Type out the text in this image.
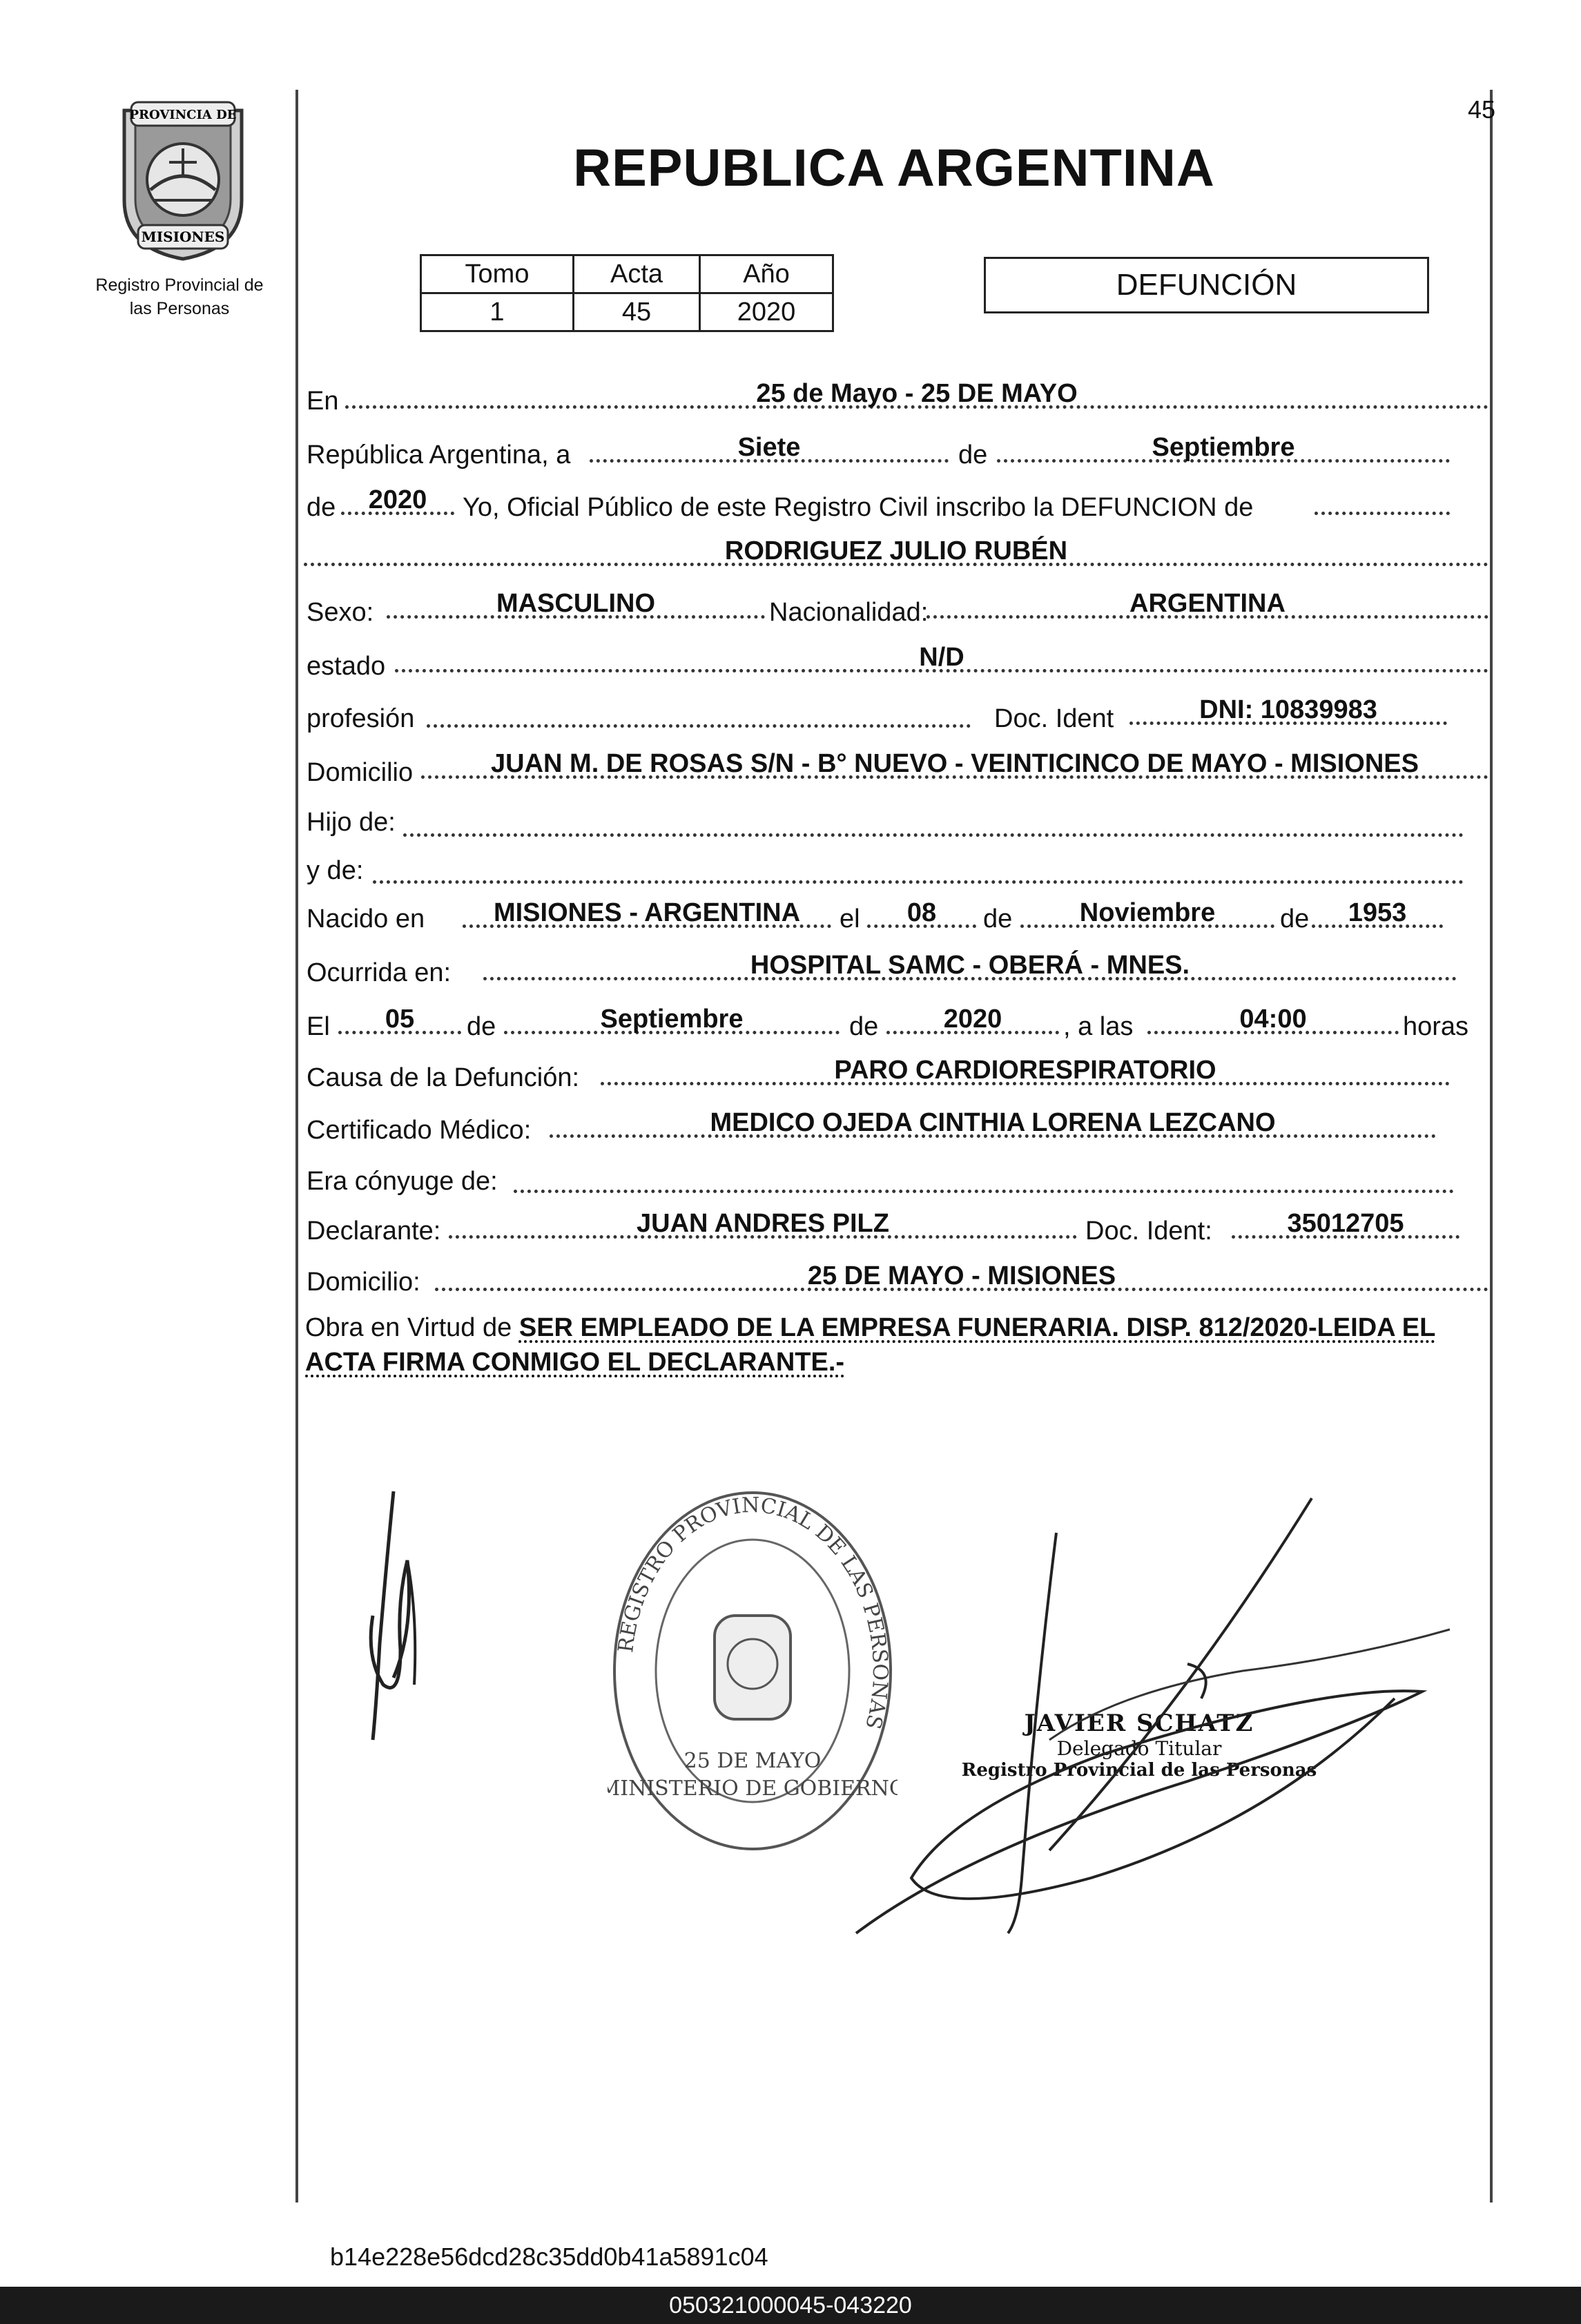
45
PROVINCIA DE
MISIONES
Registro Provincial de
las Personas
REPUBLICA ARGENTINA
Tomo	Acta	Año
1	45	2020
DEFUNCIÓN
En	25 de Mayo - 25 DE MAYO
República Argentina, a	Siete	de	Septiembre
de	2020	Yo, Oficial Público de este Registro Civil inscribo la DEFUNCION de
RODRIGUEZ JULIO RUBÉN
Sexo:	MASCULINO	Nacionalidad:	ARGENTINA
estado	N/D
profesión	Doc. Ident	DNI: 10839983
Domicilio	JUAN M. DE ROSAS S/N - B° NUEVO - VEINTICINCO DE MAYO - MISIONES
Hijo de:
y de:
Nacido en	MISIONES - ARGENTINA	el	08	de	Noviembre	de	1953
Ocurrida en:	HOSPITAL SAMC - OBERÁ - MNES.
El	05	de	Septiembre	de	2020	, a las	04:00	horas
Causa de la Defunción:	PARO CARDIORESPIRATORIO
Certificado Médico:	MEDICO OJEDA CINTHIA LORENA LEZCANO
Era cónyuge de:
Declarante:	JUAN ANDRES PILZ	Doc. Ident:	35012705
Domicilio:	25 DE MAYO - MISIONES
Obra en Virtud de SER EMPLEADO DE LA EMPRESA FUNERARIA. DISP. 812/2020-LEIDA EL ACTA FIRMA CONMIGO EL DECLARANTE.-
REGISTRO PROVINCIAL DE LAS PERSONAS
25 DE MAYO
MINISTERIO DE GOBIERNO
JAVIER SCHATZ
Delegado Titular
Registro Provincial de las Personas
b14e228e56dcd28c35dd0b41a5891c04
050321000045-043220
